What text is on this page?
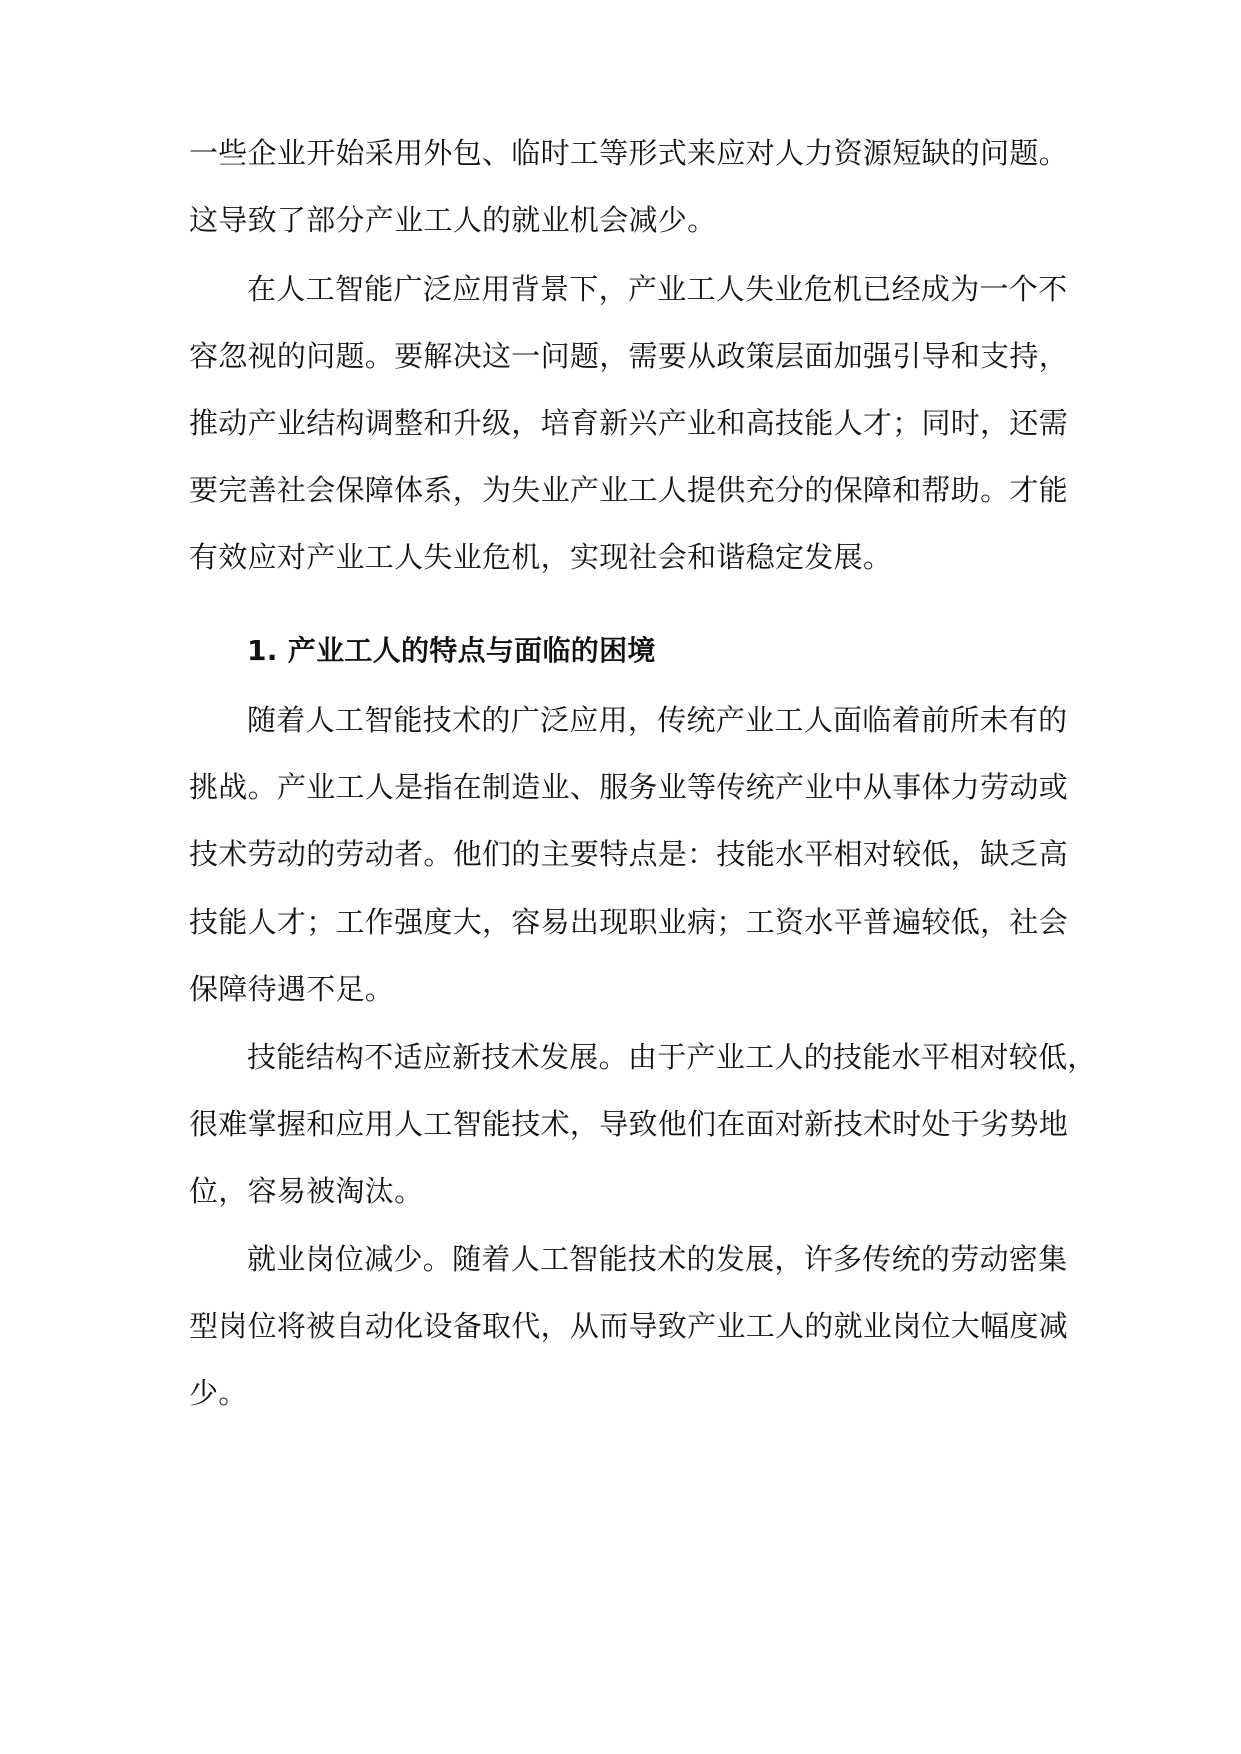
一些企业开始采用外包、临时工等形式来应对人力资源短缺的问题。
这导致了部分产业工人的就业机会减少。
在人工智能广泛应用背景下，产业工人失业危机已经成为一个不
容忽视的问题。要解决这一问题，需要从政策层面加强引导和支持，
推动产业结构调整和升级，培育新兴产业和高技能人才；同时，还需
要完善社会保障体系，为失业产业工人提供充分的保障和帮助。才能
有效应对产业工人失业危机，实现社会和谐稳定发展。
1. 产业工人的特点与面临的困境
随着人工智能技术的广泛应用，传统产业工人面临着前所未有的
挑战。产业工人是指在制造业、服务业等传统产业中从事体力劳动或
技术劳动的劳动者。他们的主要特点是：技能水平相对较低，缺乏高
技能人才；工作强度大，容易出现职业病；工资水平普遍较低，社会
保障待遇不足。
技能结构不适应新技术发展。由于产业工人的技能水平相对较低，
很难掌握和应用人工智能技术，导致他们在面对新技术时处于劣势地
位，容易被淘汰。
就业岗位减少。随着人工智能技术的发展，许多传统的劳动密集
型岗位将被自动化设备取代，从而导致产业工人的就业岗位大幅度减
少。
